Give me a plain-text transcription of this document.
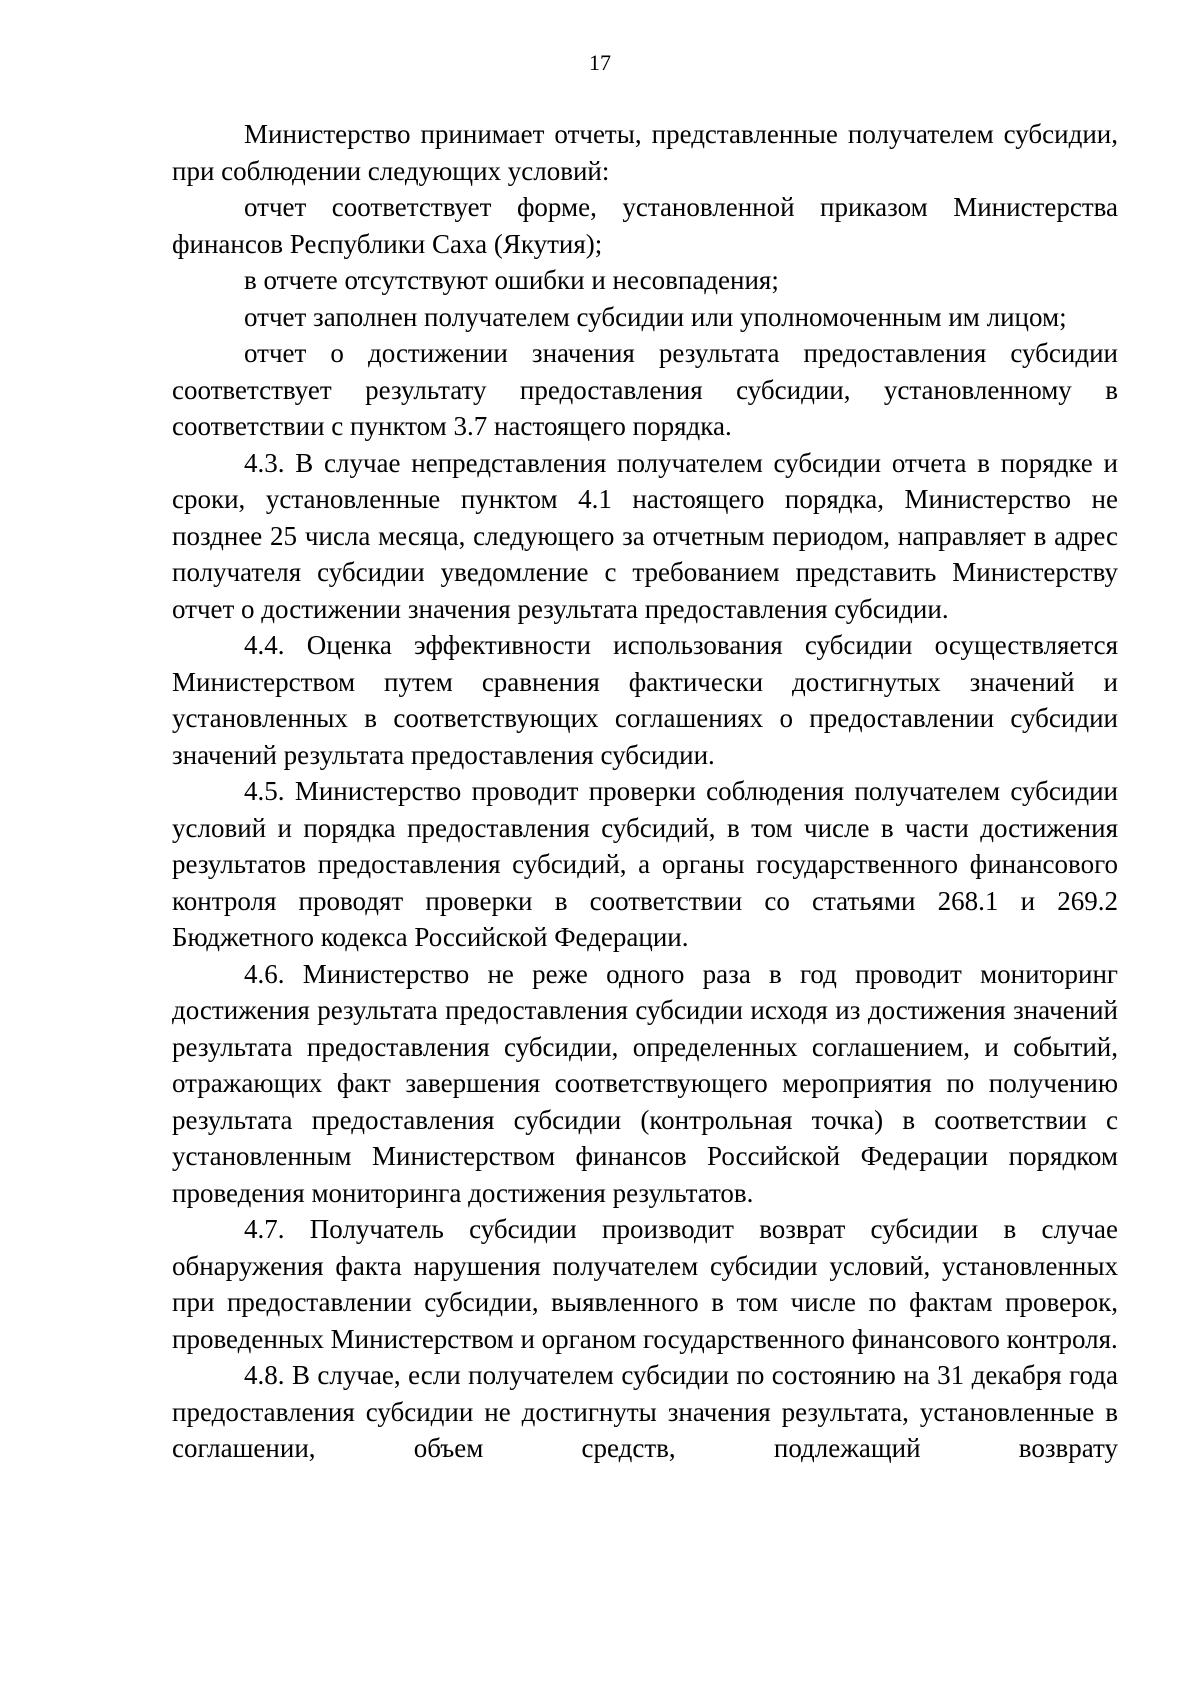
17

Министерство принимает отчеты, представленные получателем субсидии, при соблюдении следующих условий:

отчет соответствует форме, установленной приказом Министерства финансов Республики Саха (Якутия);

в отчете отсутствуют ошибки и несовпадения;

отчет заполнен получателем субсидии или уполномоченным им лицом;

отчет о достижении значения результата предоставления субсидии соответствует результату предоставления субсидии, установленному в соответствии с пунктом 3.7 настоящего порядка.

4.3. В случае непредставления получателем субсидии отчета в порядке и сроки, установленные пунктом 4.1 настоящего порядка, Министерство не позднее 25 числа месяца, следующего за отчетным периодом, направляет в адрес получателя субсидии уведомление с требованием представить Министерству отчет о достижении значения результата предоставления субсидии.

4.4. Оценка эффективности использования субсидии осуществляется Министерством путем сравнения фактически достигнутых значений и установленных в соответствующих соглашениях о предоставлении субсидии значений результата предоставления субсидии.

4.5. Министерство проводит проверки соблюдения получателем субсидии условий и порядка предоставления субсидий, в том числе в части достижения результатов предоставления субсидий, а органы государственного финансового контроля проводят проверки в соответствии со статьями 268.1 и 269.2 Бюджетного кодекса Российской Федерации.

4.6. Министерство не реже одного раза в год проводит мониторинг достижения результата предоставления субсидии исходя из достижения значений результата предоставления субсидии, определенных соглашением, и событий, отражающих факт завершения соответствующего мероприятия по получению результата предоставления субсидии (контрольная точка) в соответствии с установленным Министерством финансов Российской Федерации порядком проведения мониторинга достижения результатов.

4.7. Получатель субсидии производит возврат субсидии в случае обнаружения факта нарушения получателем субсидии условий, установленных при предоставлении субсидии, выявленного в том числе по фактам проверок, проведенных Министерством и органом государственного финансового контроля.

4.8. В случае, если получателем субсидии по состоянию на 31 декабря года предоставления субсидии не достигнуты значения результата, установленные в соглашении, объем средств, подлежащий возврату
